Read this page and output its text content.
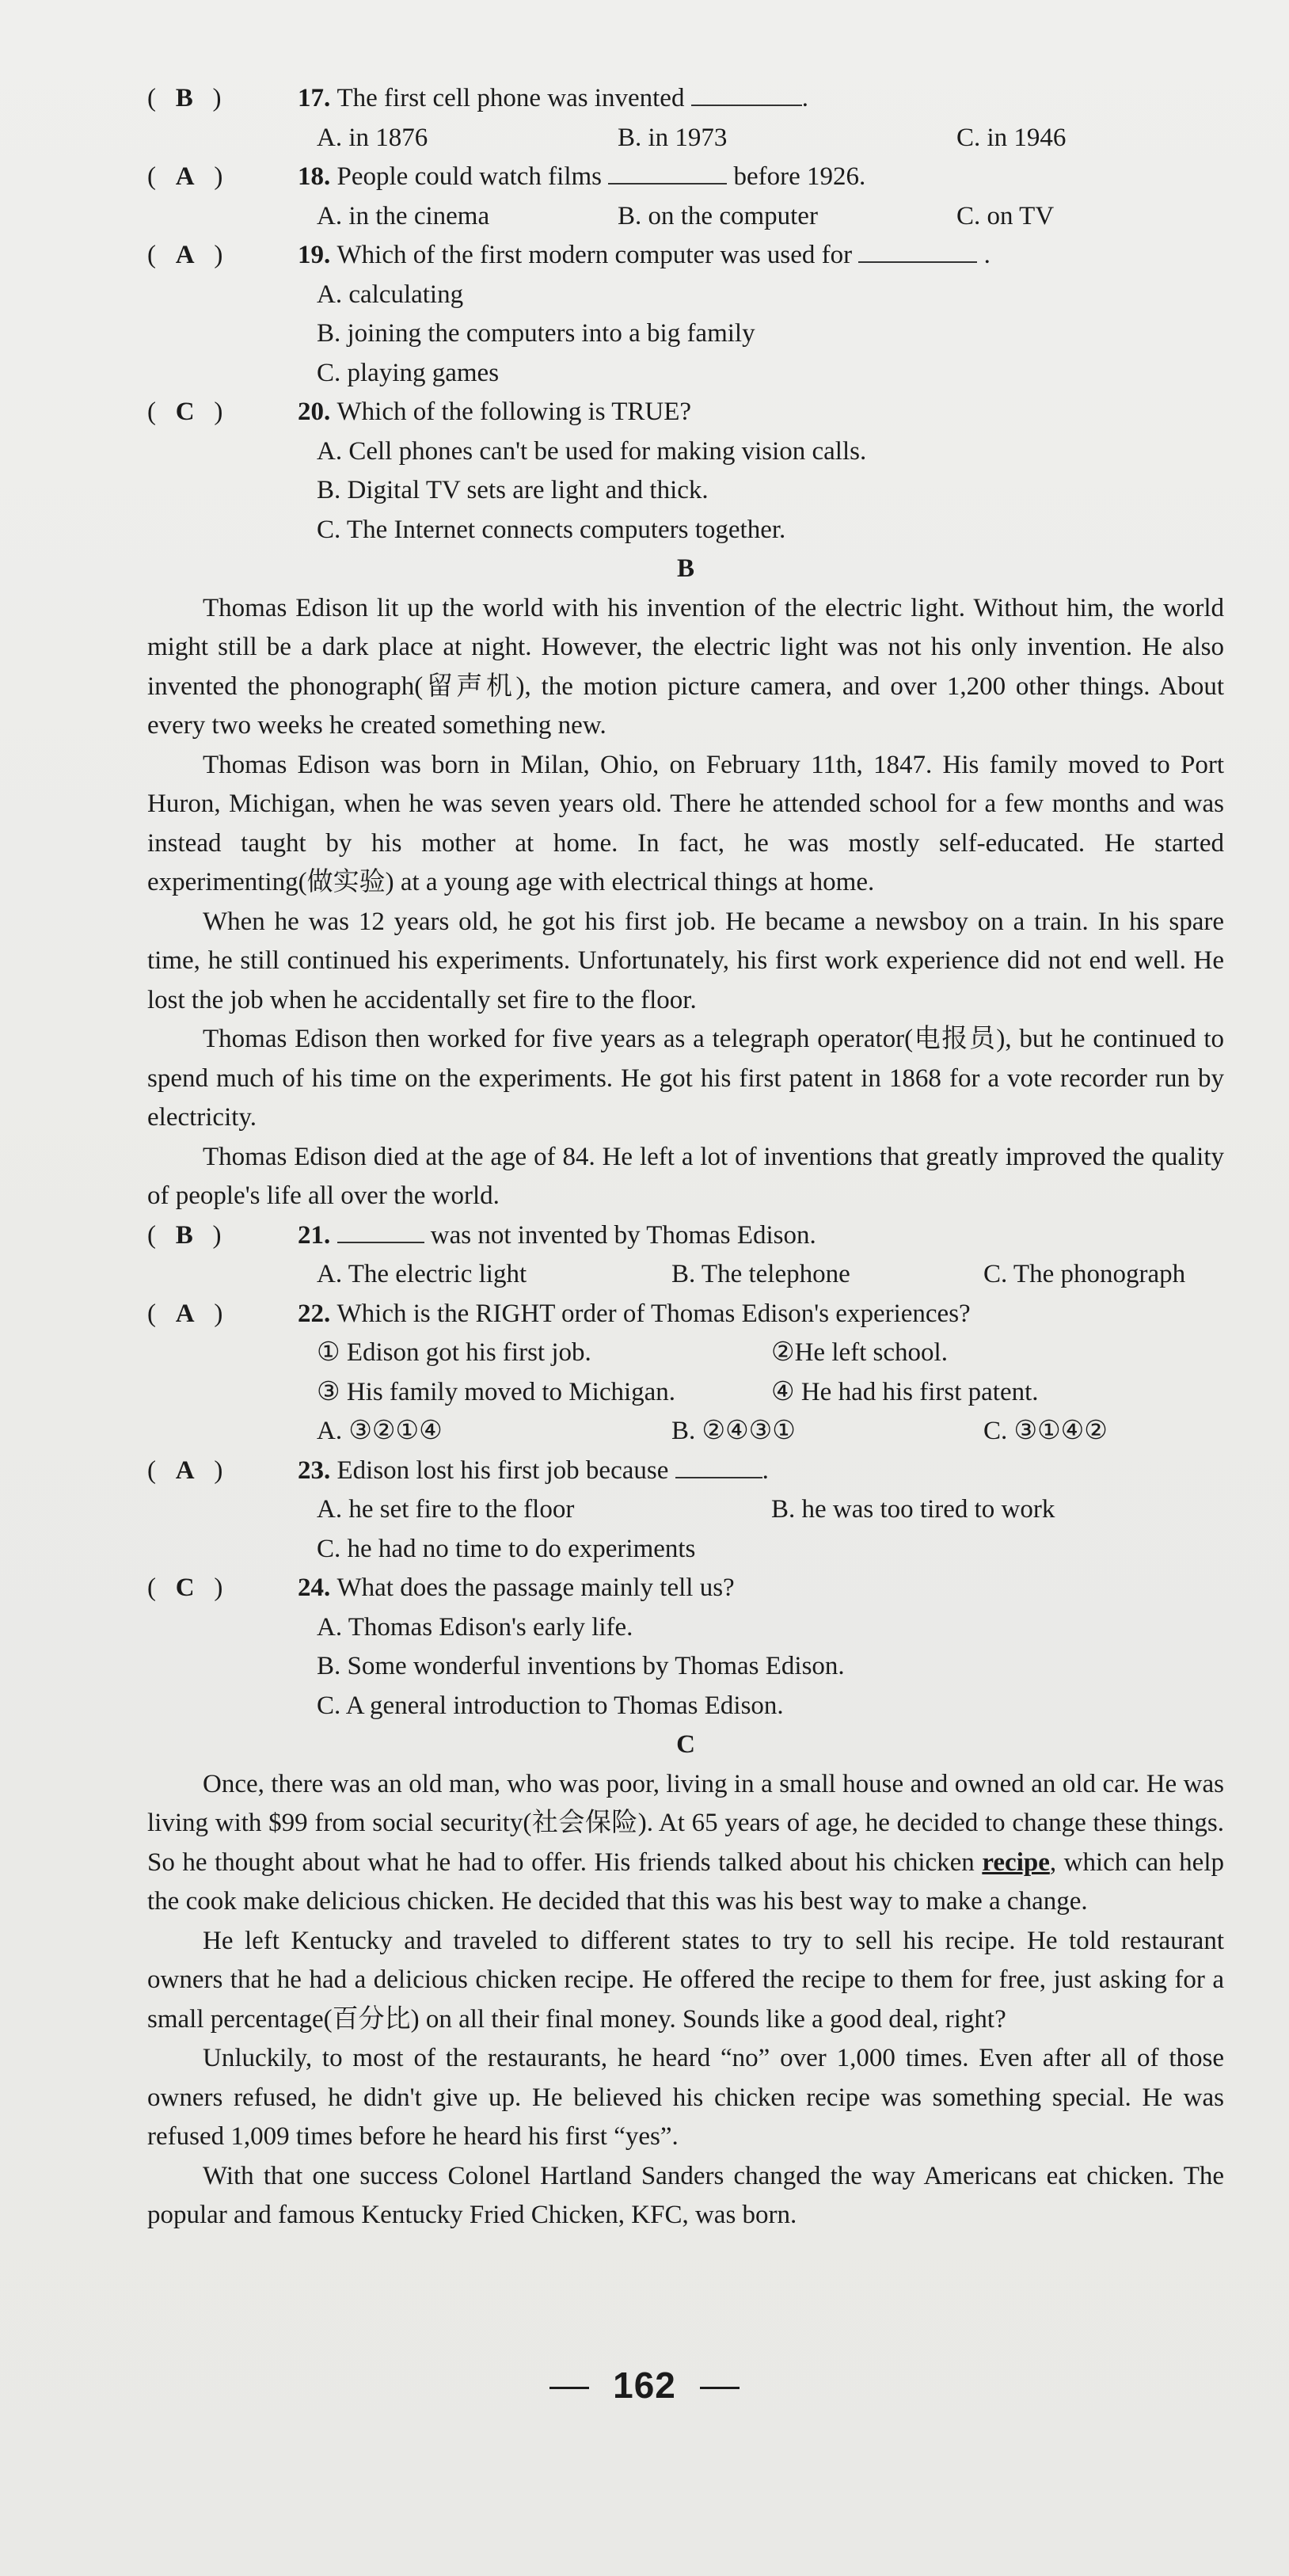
(   B   )	17. The first cell phone was invented	.
A. in 1876	B. in 1973	C. in 1946
(   A   )	18. People could watch films	before 1926.
A. in the cinema	B. on the computer	C. on TV
(   A   )	19. Which of the first modern computer was used for	.
A. calculating
B. joining the computers into a big family
C. playing games
(   C   )	20. Which of the following is TRUE?
A. Cell phones can't be used for making vision calls.
B. Digital TV sets are light and thick.
C. The Internet connects computers together.
B
Thomas Edison lit up the world with his invention of the electric light. Without him, the world might still be a dark place at night. However, the electric light was not his only invention. He also invented the phonograph(留声机), the motion picture camera, and over 1,200 other things. About every two weeks he created something new.
Thomas Edison was born in Milan, Ohio, on February 11th, 1847. His family moved to Port Huron, Michigan, when he was seven years old. There he attended school for a few months and was instead taught by his mother at home. In fact, he was mostly self-educated. He started experimenting(做实验) at a young age with electrical things at home.
When he was 12 years old, he got his first job. He became a newsboy on a train. In his spare time, he still continued his experiments. Unfortunately, his first work experience did not end well. He lost the job when he accidentally set fire to the floor.
Thomas Edison then worked for five years as a telegraph operator(电报员), but he continued to spend much of his time on the experiments. He got his first patent in 1868 for a vote recorder run by electricity.
Thomas Edison died at the age of 84. He left a lot of inventions that greatly improved the quality of people's life all over the world.
(   B   )	21.	was not invented by Thomas Edison.
A. The electric light	B. The telephone	C. The phonograph
(   A   )	22. Which is the RIGHT order of Thomas Edison's experiences?
① Edison got his first job.	②He left school.
③ His family moved to Michigan.	④ He had his first patent.
A. ③②①④	B. ②④③①	C. ③①④②
(   A   )	23. Edison lost his first job because	.
A. he set fire to the floor	B. he was too tired to work
C. he had no time to do experiments
(   C   )	24. What does the passage mainly tell us?
A. Thomas Edison's early life.
B. Some wonderful inventions by Thomas Edison.
C. A general introduction to Thomas Edison.
C
Once, there was an old man, who was poor, living in a small house and owned an old car. He was living with $99 from social security(社会保险). At 65 years of age, he decided to change these things. So he thought about what he had to offer. His friends talked about his chicken recipe, which can help the cook make delicious chicken. He decided that this was his best way to make a change.
He left Kentucky and traveled to different states to try to sell his recipe. He told restaurant owners that he had a delicious chicken recipe. He offered the recipe to them for free, just asking for a small percentage(百分比) on all their final money. Sounds like a good deal, right?
Unluckily, to most of the restaurants, he heard “no” over 1,000 times. Even after all of those owners refused, he didn't give up. He believed his chicken recipe was something special. He was refused 1,009 times before he heard his first “yes”.
With that one success Colonel Hartland Sanders changed the way Americans eat chicken. The popular and famous Kentucky Fried Chicken, KFC, was born.
162
